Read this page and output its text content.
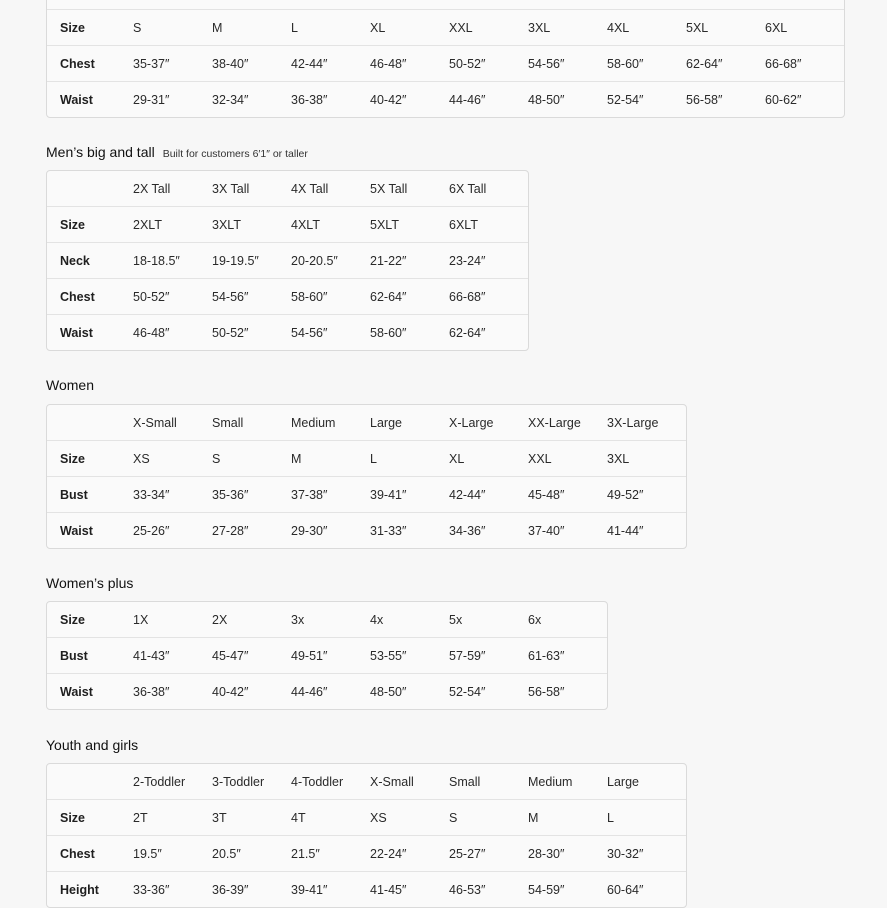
Size	S	M	L	XL	XXL	3XL	4XL	5XL	6XL
Chest	35-37″	38-40″	42-44″	46-48″	50-52″	54-56″	58-60″	62-64″	66-68″
Waist	29-31″	32-34″	36-38″	40-42″	44-46″	48-50″	52-54″	56-58″	60-62″
Men’s big and tall Built for customers 6′1″ or taller
	2X Tall	3X Tall	4X Tall	5X Tall	6X Tall
Size	2XLT	3XLT	4XLT	5XLT	6XLT
Neck	18-18.5″	19-19.5″	20-20.5″	21-22″	23-24″
Chest	50-52″	54-56″	58-60″	62-64″	66-68″
Waist	46-48″	50-52″	54-56″	58-60″	62-64″
Women
	X-Small	Small	Medium	Large	X-Large	XX-Large	3X-Large
Size	XS	S	M	L	XL	XXL	3XL
Bust	33-34″	35-36″	37-38″	39-41″	42-44″	45-48″	49-52″
Waist	25-26″	27-28″	29-30″	31-33″	34-36″	37-40″	41-44″
Women’s plus
Size	1X	2X	3x	4x	5x	6x
Bust	41-43″	45-47″	49-51″	53-55″	57-59″	61-63″
Waist	36-38″	40-42″	44-46″	48-50″	52-54″	56-58″
Youth and girls
	2-Toddler	3-Toddler	4-Toddler	X-Small	Small	Medium	Large
Size	2T	3T	4T	XS	S	M	L
Chest	19.5″	20.5″	21.5″	22-24″	25-27″	28-30″	30-32″
Height	33-36″	36-39″	39-41″	41-45″	46-53″	54-59″	60-64″
